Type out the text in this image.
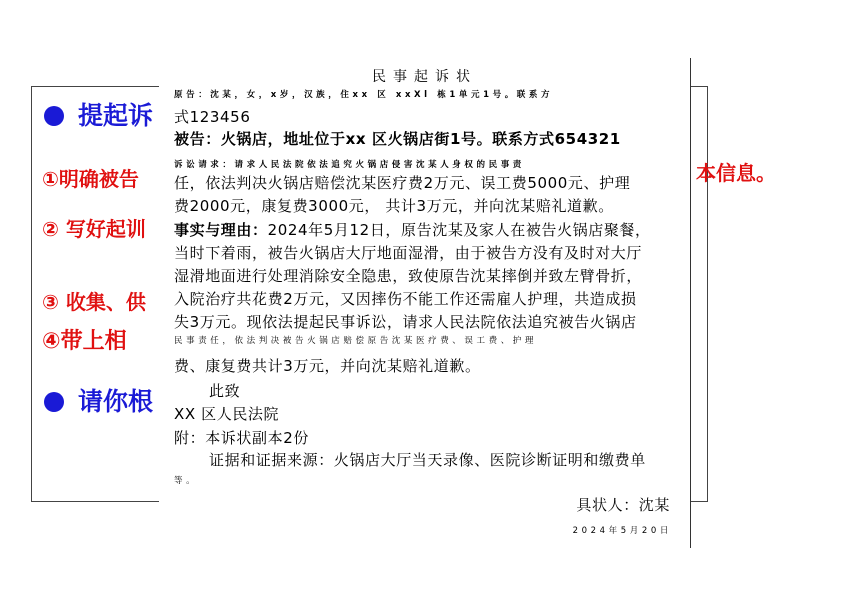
提起诉
①明确被告	本信息。
② 写好起训
③ 收集、供
④带上相
请你根
民事起诉状
原告：沈某，女，x岁，汉族，住xx 区 xxXl 栋1单元1号。联系方
式123456
被告：火锅店，地址位于xx 区火锅店街1号。联系方式654321
诉讼请求：请求人民法院依法追究火锅店侵害沈某人身权的民事责
任，依法判决火锅店赔偿沈某医疗费2万元、误工费5000元、护理
费2000元，康复费3000元， 共计3万元，并向沈某赔礼道歉。
事实与理由：2024年5月12日，原告沈某及家人在被告火锅店聚餐，
当时下着雨，被告火锅店大厅地面湿滑，由于被告方没有及时对大厅
湿滑地面进行处理消除安全隐患，致使原告沈某摔倒并致左臂骨折，
入院治疗共花费2万元，又因摔伤不能工作还需雇人护理，共造成损
失3万元。现依法提起民事诉讼，请求人民法院依法追究被告火锅店
民事责任，依法判决被告火锅店赔偿原告沈某医疗费、误工费、护理
费、康复费共计3万元，并向沈某赔礼道歉。
此致
XX 区人民法院
附：本诉状副本2份
证据和证据来源：火锅店大厅当天录像、医院诊断证明和缴费单
等。
具状人：沈某
2024年5月20日
